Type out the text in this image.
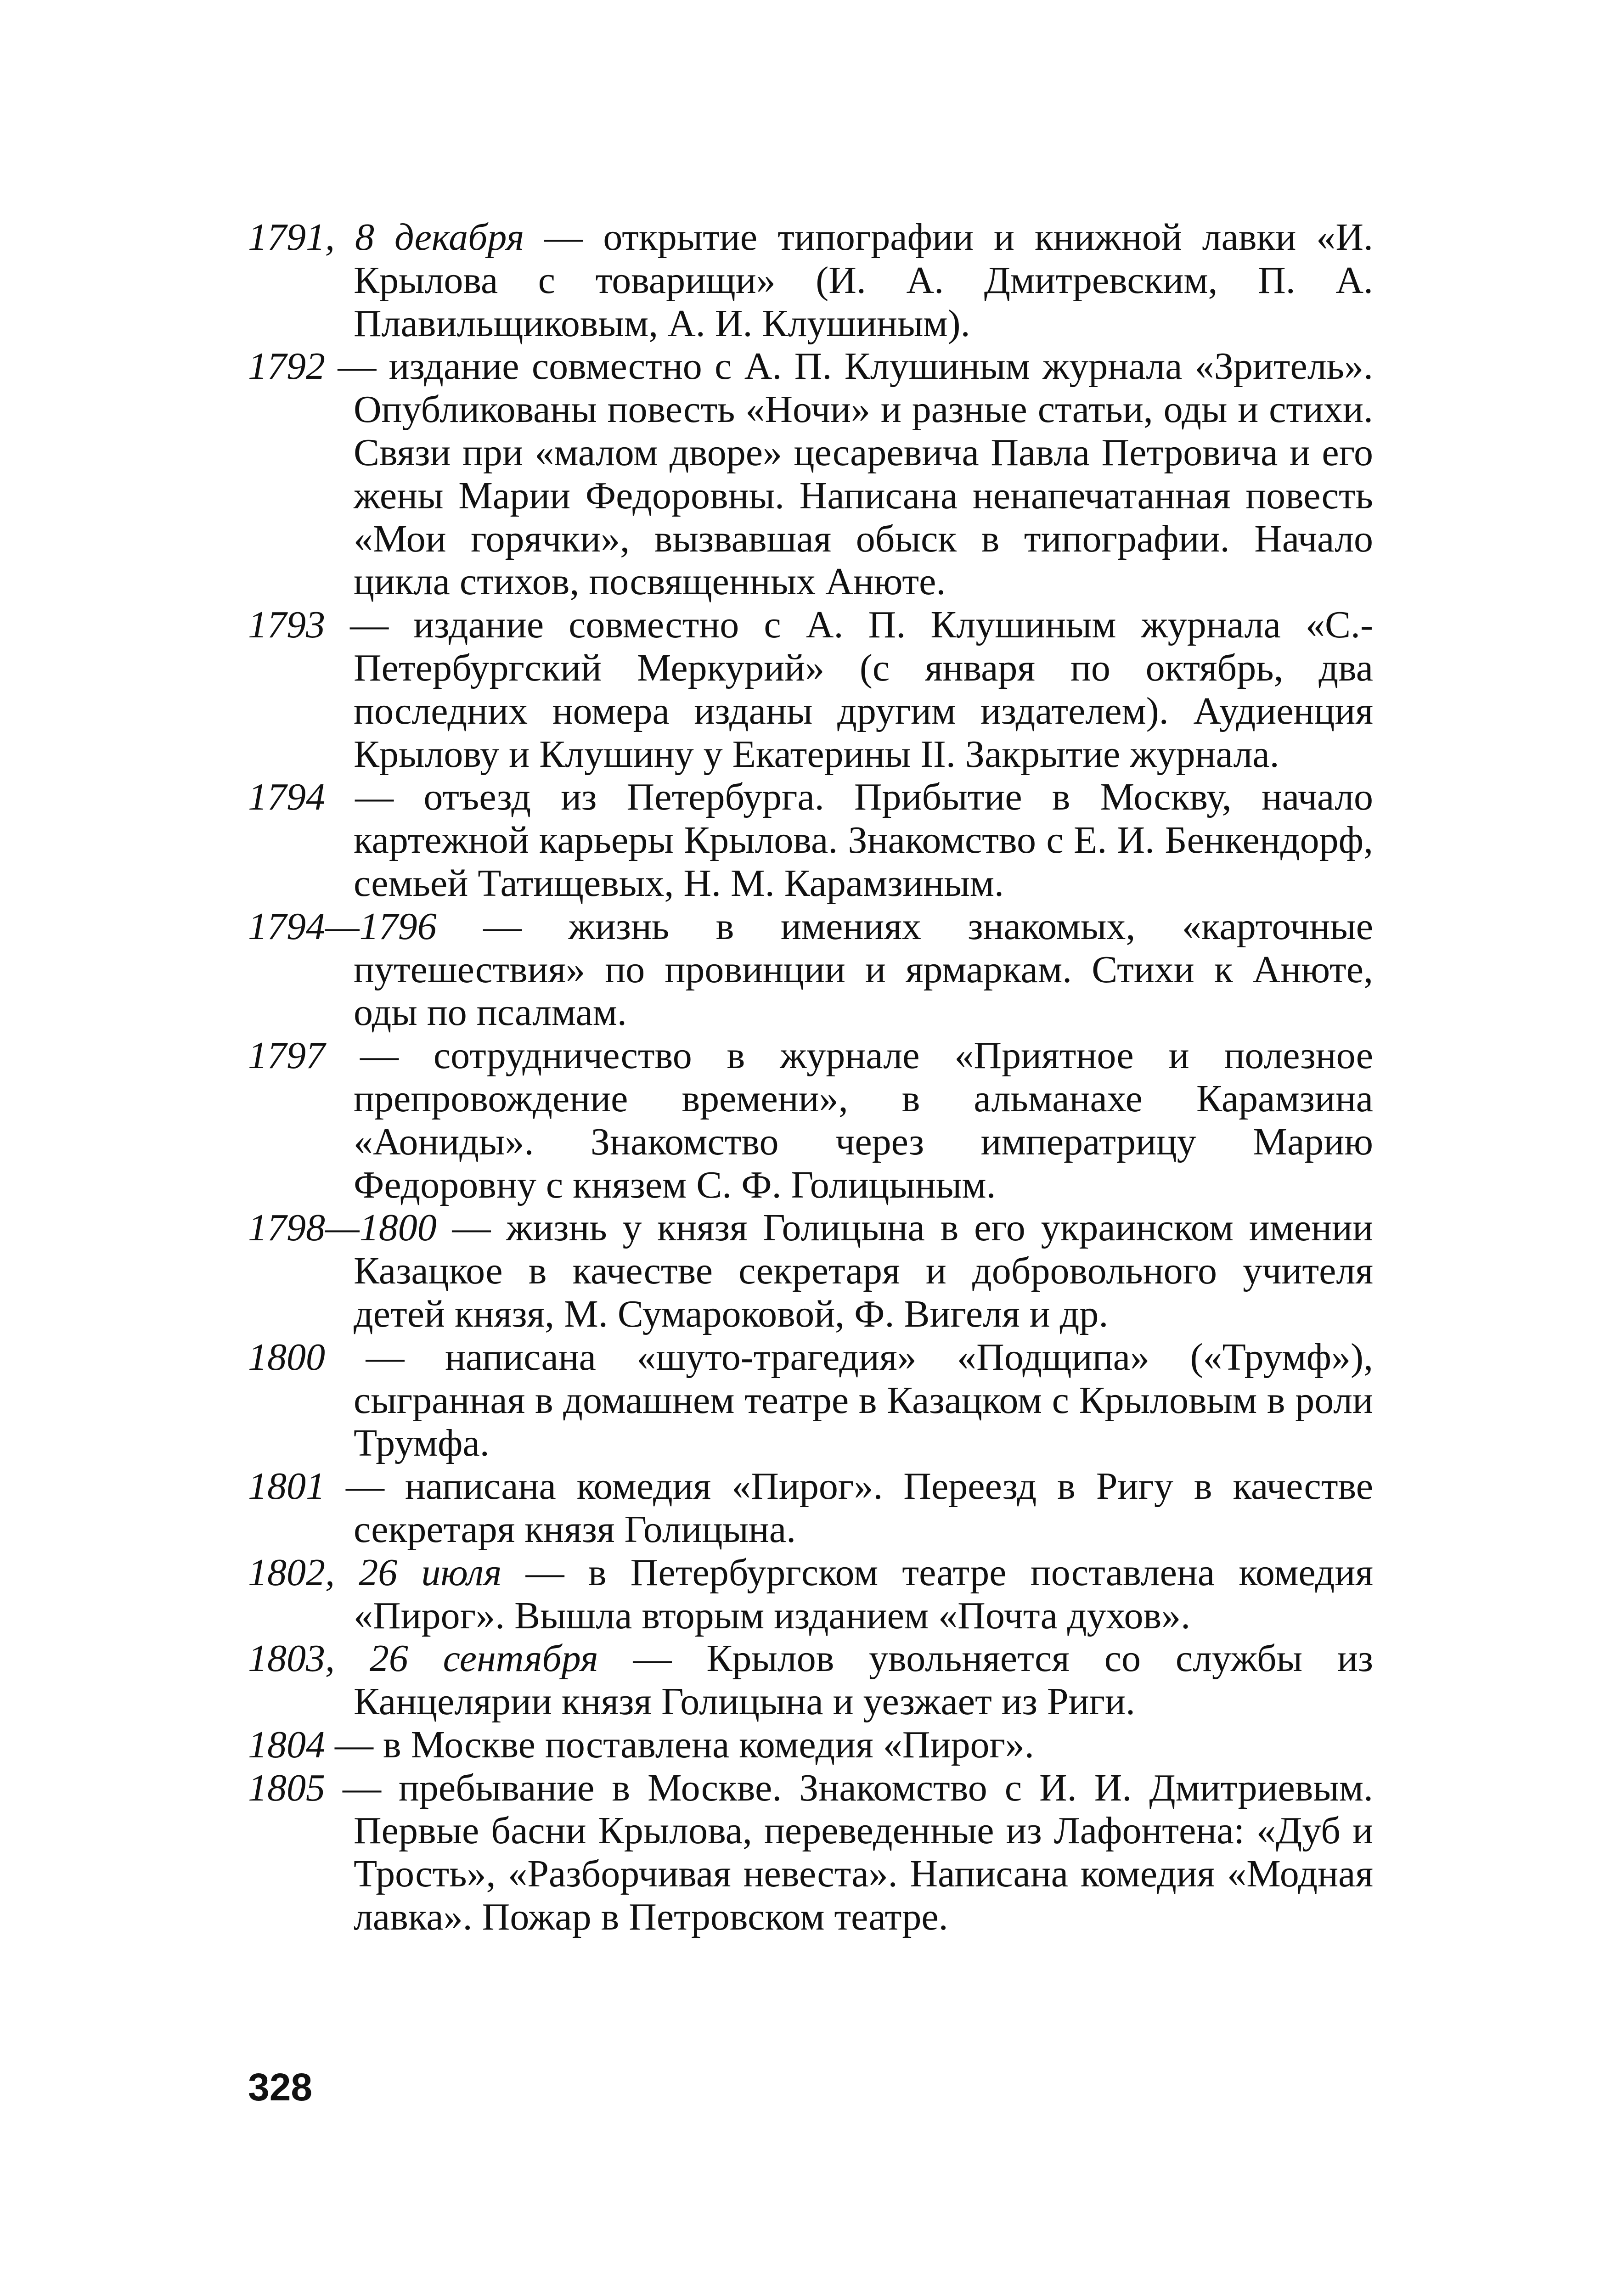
1791, 8 декабря — открытие типографии и книжной лавки «И. Крылова с товарищи» (И. А. Дмитревским, П. А. Плавильщиковым, А. И. Клушиным).

1792 — издание совместно с А. П. Клушиным журнала «Зритель». Опубликованы повесть «Ночи» и разные статьи, оды и стихи. Связи при «малом дворе» цесаревича Павла Петровича и его жены Марии Федоровны. Написана ненапечатанная повесть «Мои горячки», вызвавшая обыск в типографии. Начало цикла стихов, посвященных Анюте.

1793 — издание совместно с А. П. Клушиным журнала «С.-Петербургский Меркурий» (с января по октябрь, два последних номера изданы другим издателем). Аудиенция Крылову и Клушину у Екатерины II. Закрытие журнала.

1794 — отъезд из Петербурга. Прибытие в Москву, начало картежной карьеры Крылова. Знакомство с Е. И. Бенкендорф, семьей Татищевых, Н. М. Карамзиным.

1794—1796 — жизнь в имениях знакомых, «карточные путешествия» по провинции и ярмаркам. Стихи к Анюте, оды по псалмам.

1797 — сотрудничество в журнале «Приятное и полезное препровождение времени», в альманахе Карамзина «Аониды». Знакомство через императрицу Марию Федоровну с князем С. Ф. Голицыным.

1798—1800 — жизнь у князя Голицына в его украинском имении Казацкое в качестве секретаря и добровольного учителя детей князя, М. Сумароковой, Ф. Вигеля и др.

1800 — написана «шуто-трагедия» «Подщипа» («Трумф»), сыгранная в домашнем театре в Казацком с Крыловым в роли Трумфа.

1801 — написана комедия «Пирог». Переезд в Ригу в качестве секретаря князя Голицына.

1802, 26 июля — в Петербургском театре поставлена комедия «Пирог». Вышла вторым изданием «Почта духов».

1803, 26 сентября — Крылов увольняется со службы из Канцелярии князя Голицына и уезжает из Риги.

1804 — в Москве поставлена комедия «Пирог».

1805 — пребывание в Москве. Знакомство с И. И. Дмитриевым. Первые басни Крылова, переведенные из Лафонтена: «Дуб и Трость», «Разборчивая невеста». Написана комедия «Модная лавка». Пожар в Петровском театре.

328
